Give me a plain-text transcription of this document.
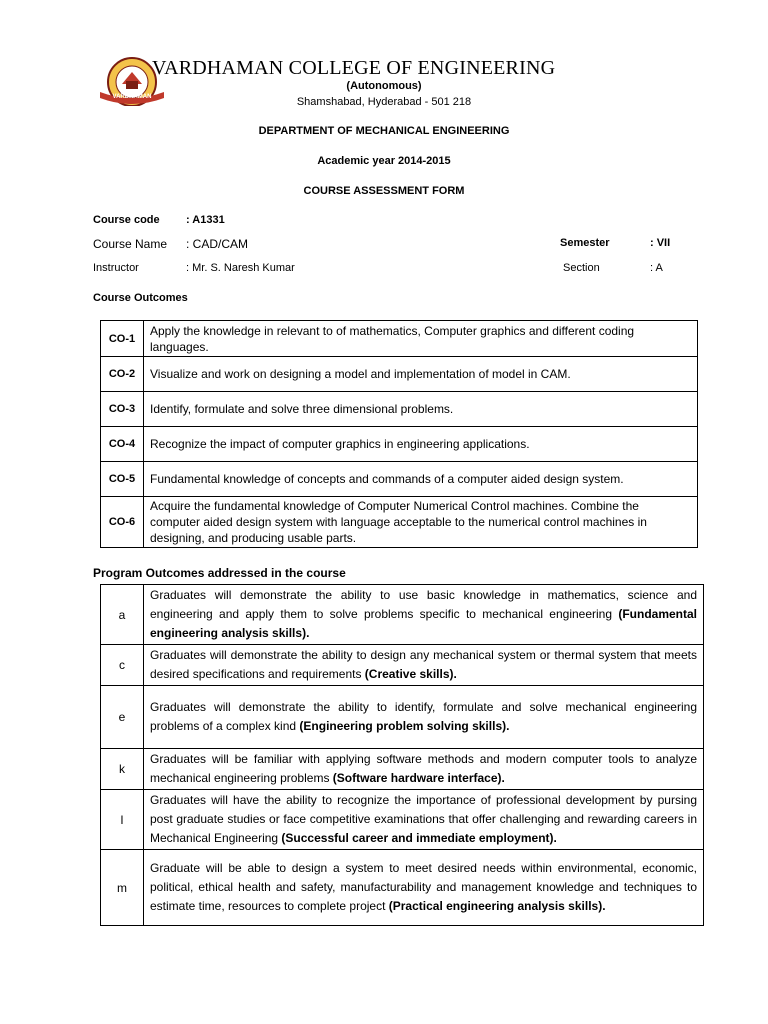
VARDHAMAN
VARDHAMAN COLLEGE OF ENGINEERING
(Autonomous)
Shamshabad, Hyderabad - 501 218
DEPARTMENT OF MECHANICAL ENGINEERING
Academic year 2014-2015
COURSE ASSESSMENT FORM
Course code : A1331
Course Name : CAD/CAM	Semester	: VII
Instructor	: Mr. S. Naresh Kumar	Section	: A
Course Outcomes
CO-1	Apply the knowledge in relevant to of mathematics, Computer graphics and different coding languages.
CO-2	Visualize and work on designing a model and implementation of model in CAM.
CO-3	Identify, formulate and solve three dimensional problems.
CO-4	Recognize the impact of computer graphics in engineering applications.
CO-5	Fundamental knowledge of concepts and commands of a computer aided design system.
CO-6	Acquire the fundamental knowledge of Computer Numerical Control machines. Combine the computer aided design system with language acceptable to the numerical control machines in designing, and producing usable parts.
Program Outcomes addressed in the course
a	Graduates will demonstrate the ability to use basic knowledge in mathematics, science and engineering and apply them to solve problems specific to mechanical engineering (Fundamental engineering analysis skills).
c	Graduates will demonstrate the ability to design any mechanical system or thermal system that meets desired specifications and requirements (Creative skills).
e	Graduates will demonstrate the ability to identify, formulate and solve mechanical engineering problems of a complex kind (Engineering problem solving skills).
k	Graduates will be familiar with applying software methods and modern computer tools to analyze mechanical engineering problems (Software hardware interface).
l	Graduates will have the ability to recognize the importance of professional development by pursing post graduate studies or face competitive examinations that offer challenging and rewarding careers in Mechanical Engineering (Successful career and immediate employment).
m	Graduate will be able to design a system to meet desired needs within environmental, economic, political, ethical health and safety, manufacturability and management knowledge and techniques to estimate time, resources to complete project (Practical engineering analysis skills).
